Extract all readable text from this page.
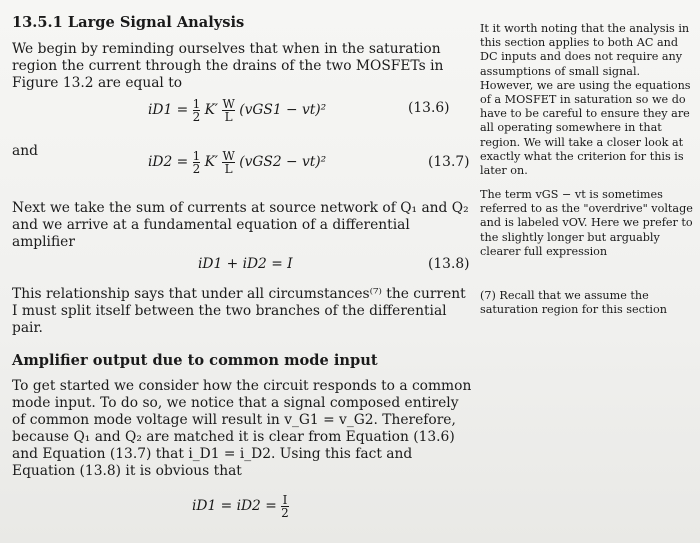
13.5.1 Large Signal Analysis

We begin by reminding ourselves that when in the saturation region the current through the drains of the two MOSFETs in Figure 13.2 are equal to

$iD1 = \frac{1}{2} K' \frac{W}{L} (vGS1 - vt)^2$	(13.6)
and
$iD2 = \frac{1}{2} K' \frac{W}{L} (vGS2 - vt)^2$	(13.7)

Next we take the sum of currents at source network of Q₁ and Q₂ and we arrive at a fundamental equation of a differential amplifier

iD1 + iD2 = I	(13.8)

This relationship says that under all circumstances⁽⁷⁾ the current I must split itself between the two branches of the differential pair.

Amplifier output due to common mode input

To get started we consider how the circuit responds to a common mode input. To do so, we notice that a signal composed entirely of common mode voltage will result in v_G1 = v_G2. Therefore, because Q₁ and Q₂ are matched it is clear from Equation (13.6) and Equation (13.7) that i_D1 = i_D2. Using this fact and Equation (13.8) it is obvious that

$iD1 = iD2 = \frac{I}{2}$

It it worth noting that the analysis in this section applies to both AC and DC inputs and does not require any assumptions of small signal. However, we are using the equations of a MOSFET in saturation so we do have to be careful to ensure they are all operating somewhere in that region. We will take a closer look at exactly what the criterion for this is later on.

The term vGS − vt is sometimes referred to as the "overdrive" voltage and is labeled vOV. Here we prefer to the slightly longer but arguably clearer full expression

(7) Recall that we assume the saturation region for this section
